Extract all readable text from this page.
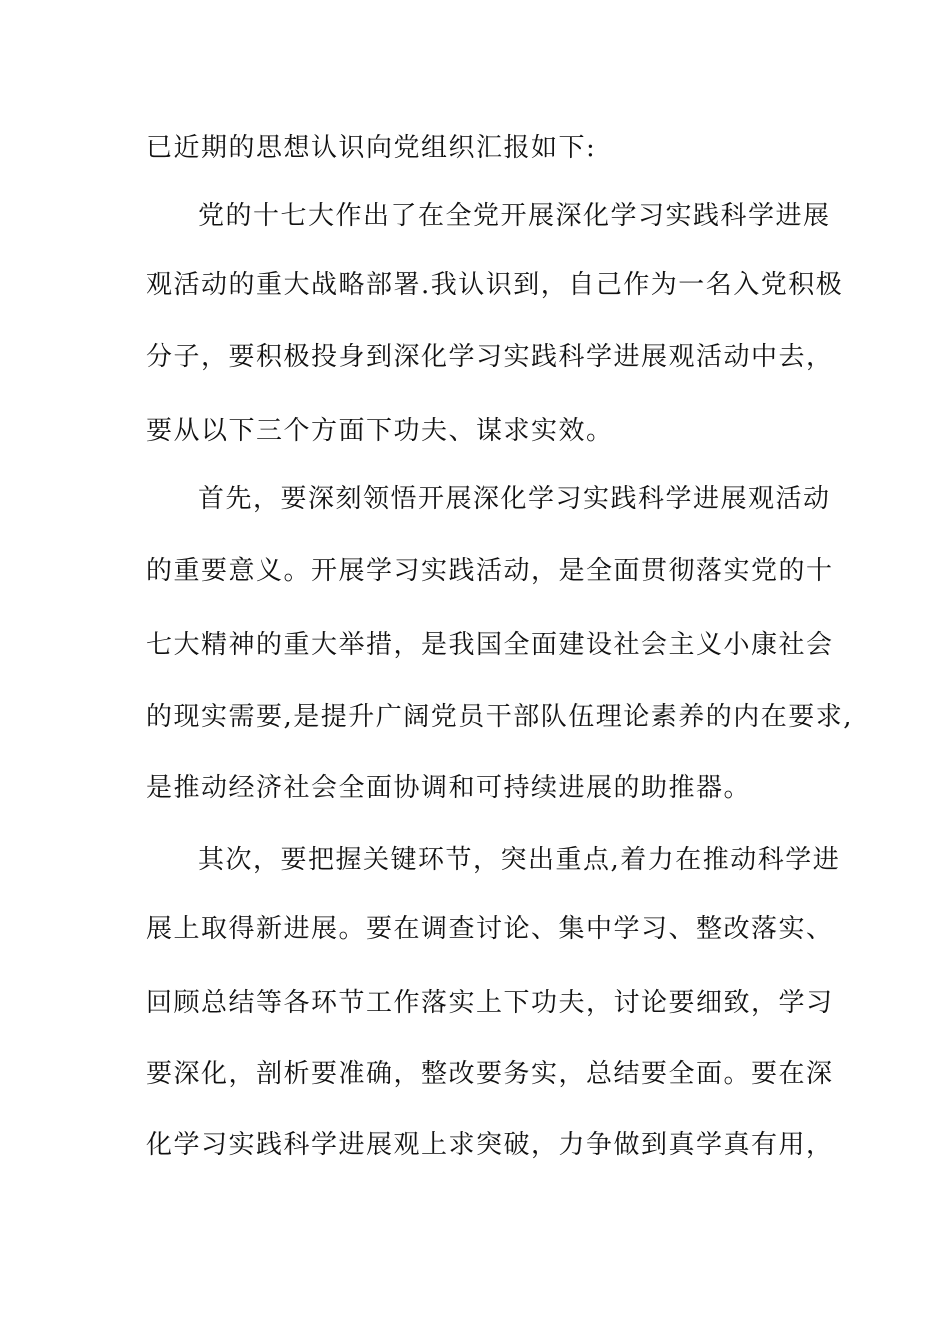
已近期的思想认识向党组织汇报如下:
党的十七大作出了在全党开展深化学习实践科学进展
观活动的重大战略部署.我认识到，自己作为一名入党积极
分子，要积极投身到深化学习实践科学进展观活动中去，
要从以下三个方面下功夫、谋求实效。
首先，要深刻领悟开展深化学习实践科学进展观活动
的重要意义。开展学习实践活动，是全面贯彻落实党的十
七大精神的重大举措，是我国全面建设社会主义小康社会
的现实需要,是提升广阔党员干部队伍理论素养的内在要求,
是推动经济社会全面协调和可持续进展的助推器。
其次，要把握关键环节，突出重点,着力在推动科学进
展上取得新进展。要在调查讨论、集中学习、整改落实、
回顾总结等各环节工作落实上下功夫，讨论要细致，学习
要深化，剖析要准确，整改要务实，总结要全面。要在深
化学习实践科学进展观上求突破，力争做到真学真有用，
